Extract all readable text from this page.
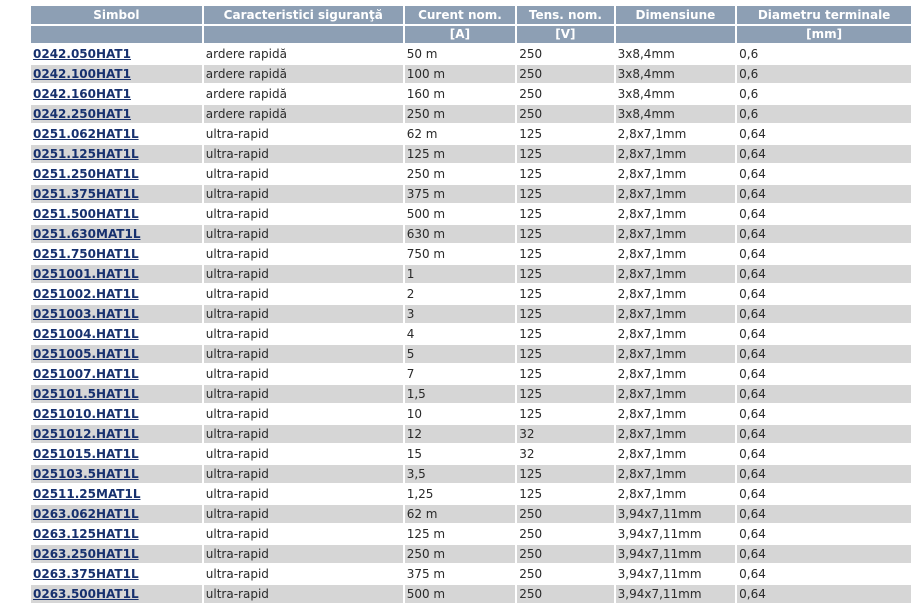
Simbol	Caracteristici siguranţă	Curent nom.	Tens. nom.	Dimensiune	Diametru terminale
		[A]	[V]		[mm]
0242.050HAT1	ardere rapidă	50 m	250	3x8,4mm	0,6
0242.100HAT1	ardere rapidă	100 m	250	3x8,4mm	0,6
0242.160HAT1	ardere rapidă	160 m	250	3x8,4mm	0,6
0242.250HAT1	ardere rapidă	250 m	250	3x8,4mm	0,6
0251.062HAT1L	ultra-rapid	62 m	125	2,8x7,1mm	0,64
0251.125HAT1L	ultra-rapid	125 m	125	2,8x7,1mm	0,64
0251.250HAT1L	ultra-rapid	250 m	125	2,8x7,1mm	0,64
0251.375HAT1L	ultra-rapid	375 m	125	2,8x7,1mm	0,64
0251.500HAT1L	ultra-rapid	500 m	125	2,8x7,1mm	0,64
0251.630MAT1L	ultra-rapid	630 m	125	2,8x7,1mm	0,64
0251.750HAT1L	ultra-rapid	750 m	125	2,8x7,1mm	0,64
0251001.HAT1L	ultra-rapid	1	125	2,8x7,1mm	0,64
0251002.HAT1L	ultra-rapid	2	125	2,8x7,1mm	0,64
0251003.HAT1L	ultra-rapid	3	125	2,8x7,1mm	0,64
0251004.HAT1L	ultra-rapid	4	125	2,8x7,1mm	0,64
0251005.HAT1L	ultra-rapid	5	125	2,8x7,1mm	0,64
0251007.HAT1L	ultra-rapid	7	125	2,8x7,1mm	0,64
025101.5HAT1L	ultra-rapid	1,5	125	2,8x7,1mm	0,64
0251010.HAT1L	ultra-rapid	10	125	2,8x7,1mm	0,64
0251012.HAT1L	ultra-rapid	12	32	2,8x7,1mm	0,64
0251015.HAT1L	ultra-rapid	15	32	2,8x7,1mm	0,64
025103.5HAT1L	ultra-rapid	3,5	125	2,8x7,1mm	0,64
02511.25MAT1L	ultra-rapid	1,25	125	2,8x7,1mm	0,64
0263.062HAT1L	ultra-rapid	62 m	250	3,94x7,11mm	0,64
0263.125HAT1L	ultra-rapid	125 m	250	3,94x7,11mm	0,64
0263.250HAT1L	ultra-rapid	250 m	250	3,94x7,11mm	0,64
0263.375HAT1L	ultra-rapid	375 m	250	3,94x7,11mm	0,64
0263.500HAT1L	ultra-rapid	500 m	250	3,94x7,11mm	0,64
